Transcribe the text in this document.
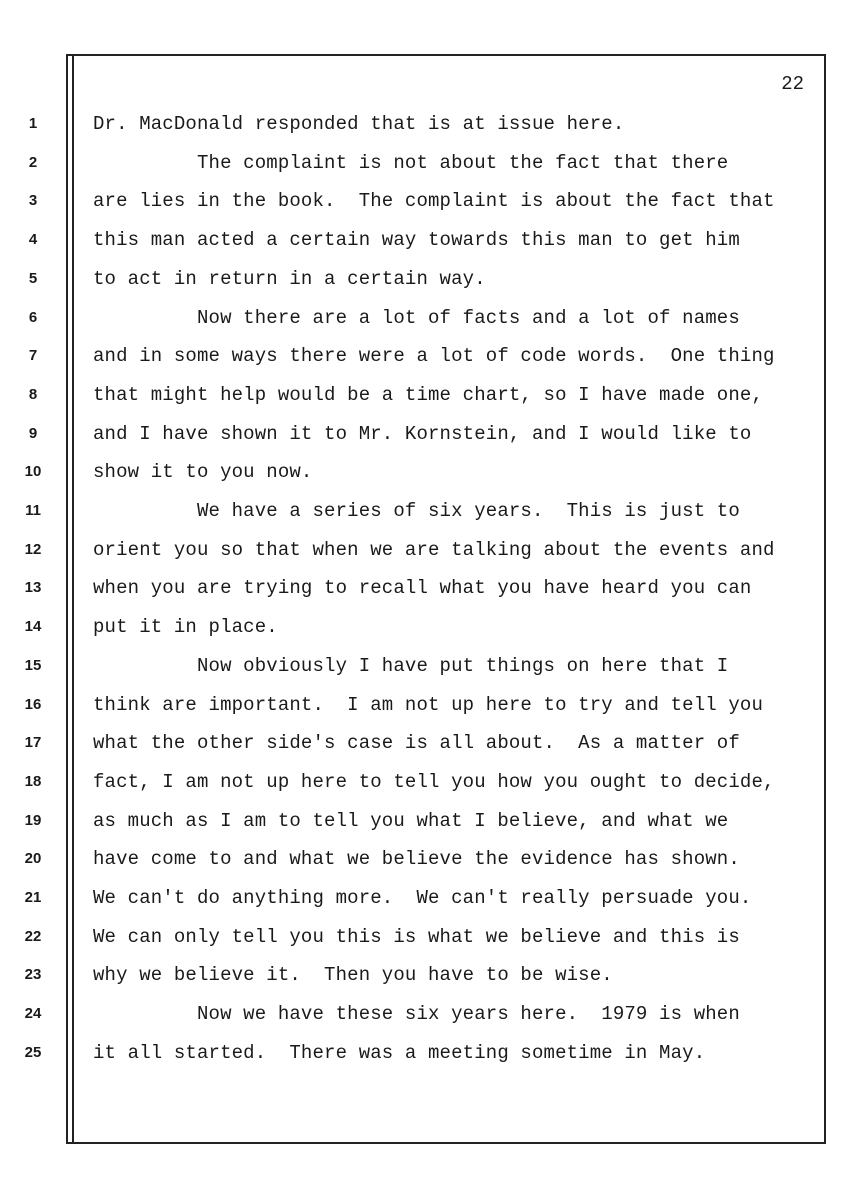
22
1	Dr. MacDonald responded that is at issue here.
2	The complaint is not about the fact that there
3	are lies in the book.  The complaint is about the fact that
4	this man acted a certain way towards this man to get him
5	to act in return in a certain way.
6	Now there are a lot of facts and a lot of names
7	and in some ways there were a lot of code words.  One thing
8	that might help would be a time chart, so I have made one,
9	and I have shown it to Mr. Kornstein, and I would like to
10	show it to you now.
11	We have a series of six years.  This is just to
12	orient you so that when we are talking about the events and
13	when you are trying to recall what you have heard you can
14	put it in place.
15	Now obviously I have put things on here that I
16	think are important.  I am not up here to try and tell you
17	what the other side's case is all about.  As a matter of
18	fact, I am not up here to tell you how you ought to decide,
19	as much as I am to tell you what I believe, and what we
20	have come to and what we believe the evidence has shown.
21	We can't do anything more.  We can't really persuade you.
22	We can only tell you this is what we believe and this is
23	why we believe it.  Then you have to be wise.
24	Now we have these six years here.  1979 is when
25	it all started.  There was a meeting sometime in May.
